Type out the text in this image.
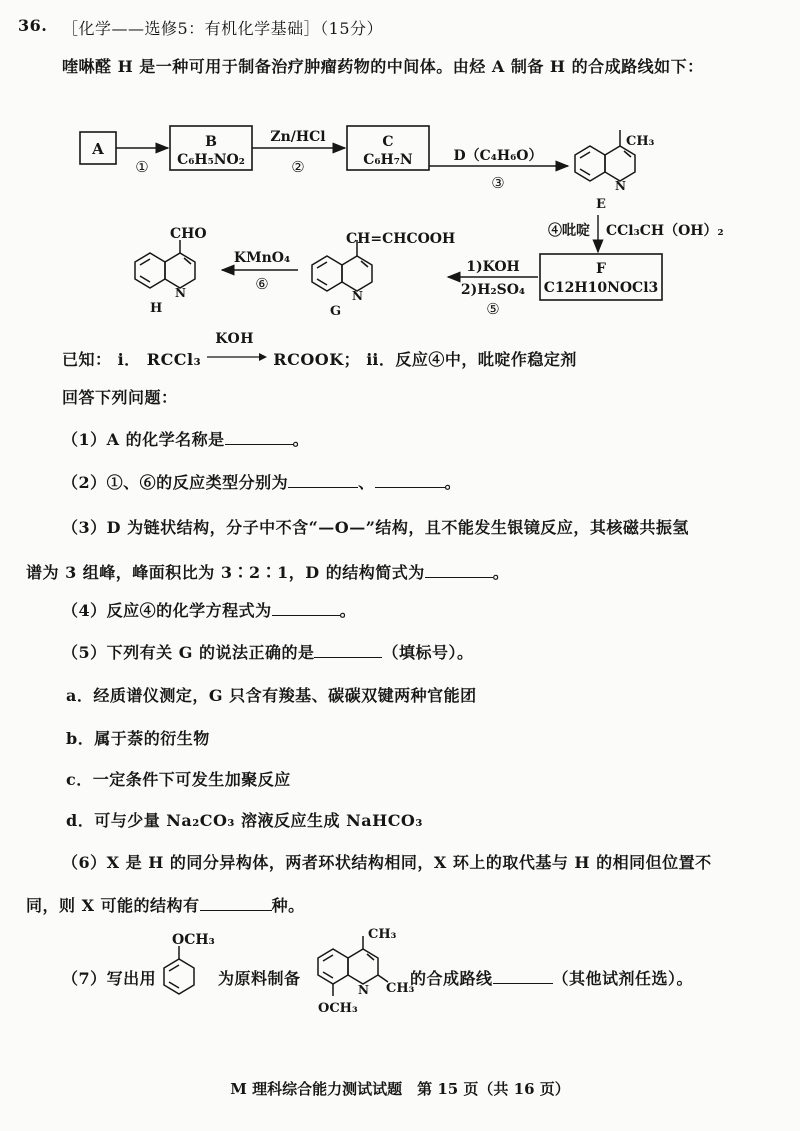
36. ［化学——选修5：有机化学基础］（15分）
喹啉醛 H 是一种可用于制备治疗肿瘤药物的中间体。由烃 A 制备 H 的合成路线如下：
A
①
B
C₆H₅NO₂
Zn/HCl
②
C
C₆H₇N	D（C₄H₆O）
③
CH₃
N
E
④吡啶 CCl₃CH（OH）₂
F
C12H10NOCl3
1)KOH
2)H₂SO₄
⑤
CH=CHCOOH
N
G
KMnO₄
⑥
CHO
N
H
已知： ⅰ． RCCl₃
KOH
RCOOK； ⅱ．反应④中，吡啶作稳定剂
回答下列问题：
（1）A 的化学名称是	。
（2）①、⑥的反应类型分别为	、	。
（3）D 为链状结构，分子中不含“—O—”结构，且不能发生银镜反应，其核磁共振氢
谱为 3 组峰，峰面积比为 3∶2∶1，D 的结构简式为	。
（4）反应④的化学方程式为	。
（5）下列有关 G 的说法正确的是	（填标号）。
a．经质谱仪测定，G 只含有羧基、碳碳双键两种官能团
b．属于萘的衍生物
c．一定条件下可发生加聚反应
d．可与少量 Na₂CO₃ 溶液反应生成 NaHCO₃
（6）X 是 H 的同分异构体，两者环状结构相同，X 环上的取代基与 H 的相同但位置不
同，则 X 可能的结构有	种。
（7）写出用	为原料制备	的合成路线	（其他试剂任选）。
OCH₃	CH₃
N CH₃
OCH₃
M 理科综合能力测试试题　第 15 页（共 16 页）
